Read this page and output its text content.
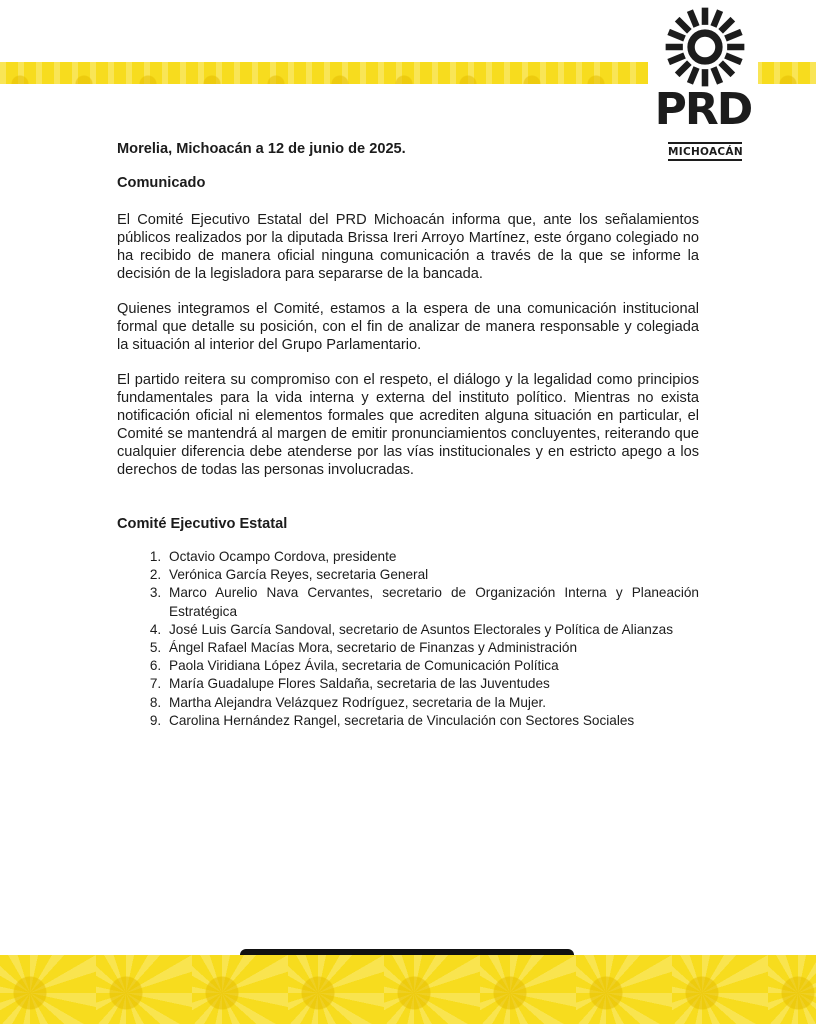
PRD
MICHOACÁN

Morelia, Michoacán a 12 de junio de 2025.

Comunicado

El Comité Ejecutivo Estatal del PRD Michoacán informa que, ante los señalamientos públicos realizados por la diputada Brissa Ireri Arroyo Martínez, este órgano colegiado no ha recibido de manera oficial ninguna comunicación a través de la que se informe la decisión de la legisladora para separarse de la bancada.

Quienes integramos el Comité, estamos a la espera de una comunicación institucional formal que detalle su posición, con el fin de analizar de manera responsable y colegiada la situación al interior del Grupo Parlamentario.

El partido reitera su compromiso con el respeto, el diálogo y la legalidad como principios fundamentales para la vida interna y externa del instituto político. Mientras no exista notificación oficial ni elementos formales que acrediten alguna situación en particular, el Comité se mantendrá al margen de emitir pronunciamientos concluyentes, reiterando que cualquier diferencia debe atenderse por las vías institucionales y en estricto apego a los derechos de todas las personas involucradas.

Comité Ejecutivo Estatal

1. Octavio Ocampo Cordova, presidente
2. Verónica García Reyes, secretaria General
3. Marco Aurelio Nava Cervantes, secretario de Organización Interna y Planeación Estratégica
4. José Luis García Sandoval, secretario de Asuntos Electorales y Política de Alianzas
5. Ángel Rafael Macías Mora, secretario de Finanzas y Administración
6. Paola Viridiana López Ávila, secretaria de Comunicación Política
7. María Guadalupe Flores Saldaña, secretaria de las Juventudes
8. Martha Alejandra Velázquez Rodríguez, secretaria de la Mujer.
9. Carolina Hernández Rangel, secretaria de Vinculación con Sectores Sociales
